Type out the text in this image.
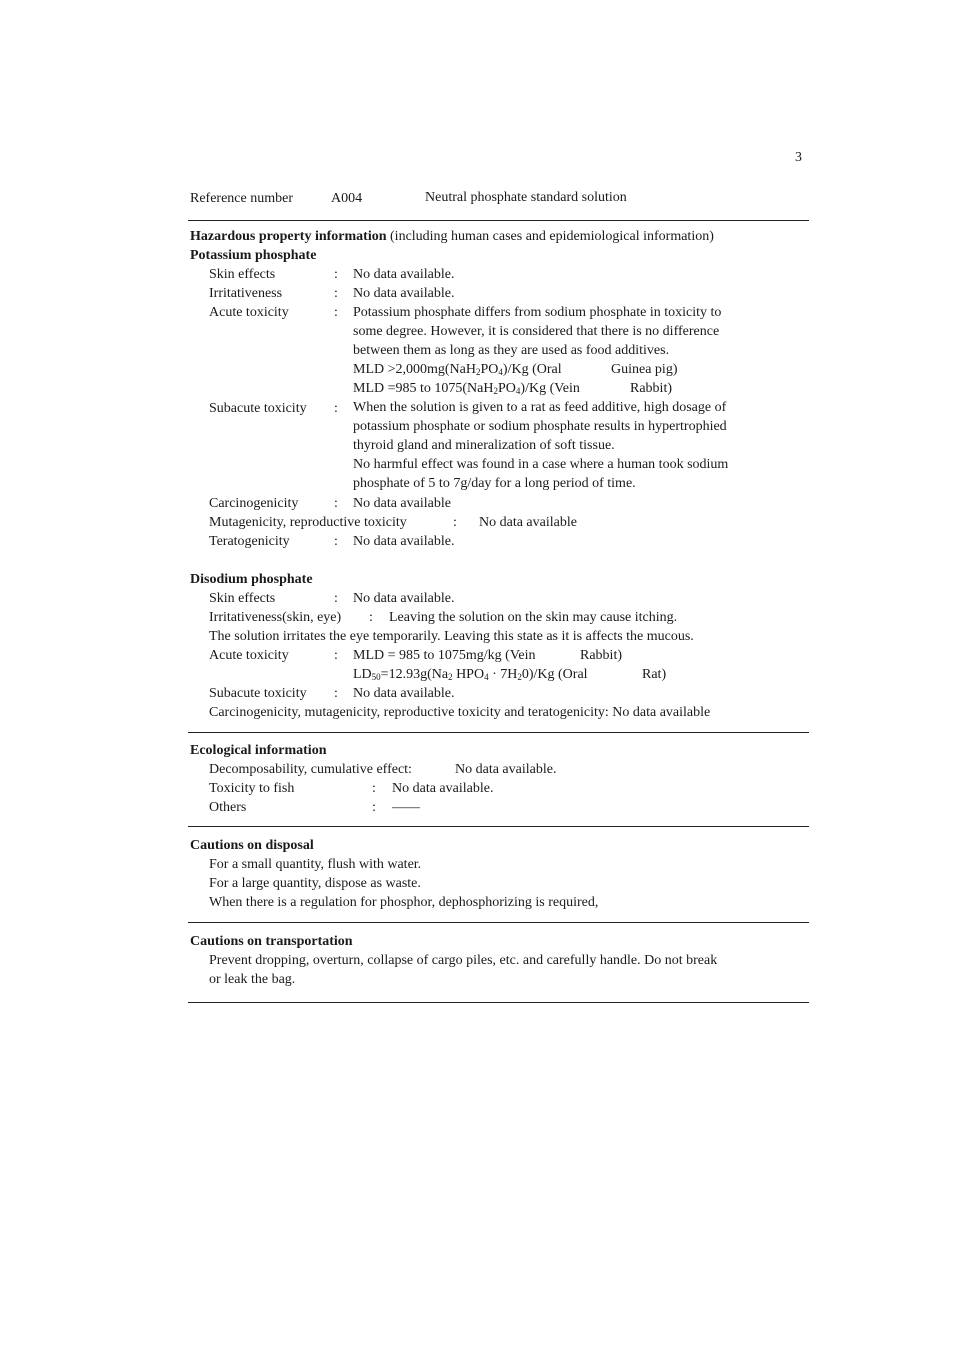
3
Reference number	A004	Neutral phosphate standard solution
Hazardous property information (including human cases and epidemiological information)
Potassium phosphate
Skin effects	: No data available.
Irritativeness	: No data available.
Acute toxicity	: Potassium phosphate differs from sodium phosphate in toxicity to
some degree. However, it is considered that there is no difference
between them as long as they are used as food additives.
MLD $>2,000mg(NaH_2PO_4)/Kg$ (Oral	Guinea pig)
MLD =985 to $1075(NaH_2PO_4)/Kg$ (Vein	Rabbit)
Subacute toxicity : When the solution is given to a rat as feed additive, high dosage of
potassium phosphate or sodium phosphate results in hypertrophied
thyroid gland and mineralization of soft tissue.
No harmful effect was found in a case where a human took sodium
phosphate of 5 to 7g/day for a long period of time.
Carcinogenicity	: No data available
Mutagenicity, reproductive toxicity	: No data available
Teratogenicity	: No data available.
Disodium phosphate
Skin effects	: No data available.
Irritativeness(skin, eye) : Leaving the solution on the skin may cause itching.
The solution irritates the eye temporarily. Leaving this state as it is affects the mucous.
Acute toxicity	: MLD = 985 to 1075mg/kg (Vein	Rabbit)
$LD_{50}=12.93g(Na_2$ $HPO_4 \cdot 7H_20)/Kg$ (Oral	Rat)
Subacute toxicity : No data available.
Carcinogenicity, mutagenicity, reproductive toxicity and teratogenicity: No data available
Ecological information
Decomposability, cumulative effect:	No data available.
Toxicity to fish	: No data available.
Others	: ——
Cautions on disposal
For a small quantity, flush with water.
For a large quantity, dispose as waste.
When there is a regulation for phosphor, dephosphorizing is required,
Cautions on transportation
Prevent dropping, overturn, collapse of cargo piles, etc. and carefully handle. Do not break
or leak the bag.
